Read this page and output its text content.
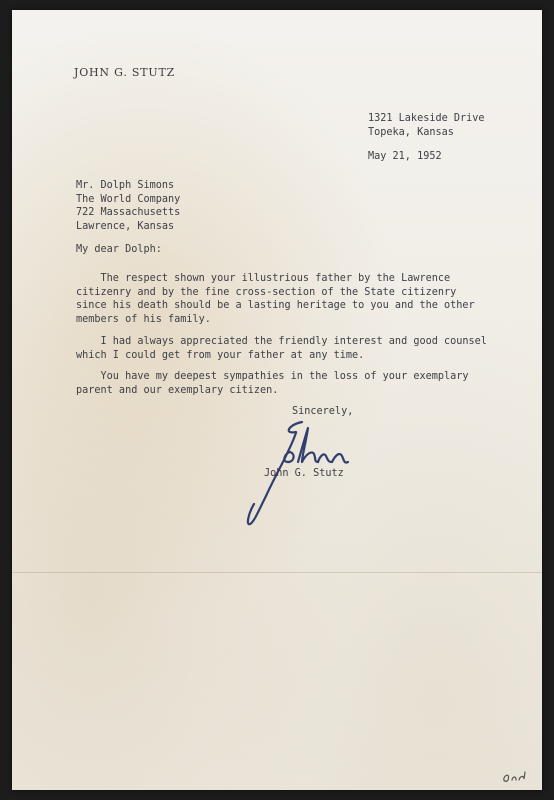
JOHN G. STUTZ
1321 Lakeside Drive
Topeka, Kansas
May 21, 1952
Mr. Dolph Simons
The World Company
722 Massachusetts
Lawrence, Kansas
My dear Dolph:
The respect shown your illustrious father by the Lawrence
citizenry and by the fine cross-section of the State citizenry
since his death should be a lasting heritage to you and the other
members of his family.
I had always appreciated the friendly interest and good counsel
which I could get from your father at any time.
You have my deepest sympathies in the loss of your exemplary
parent and our exemplary citizen.
Sincerely,
John G. Stutz
